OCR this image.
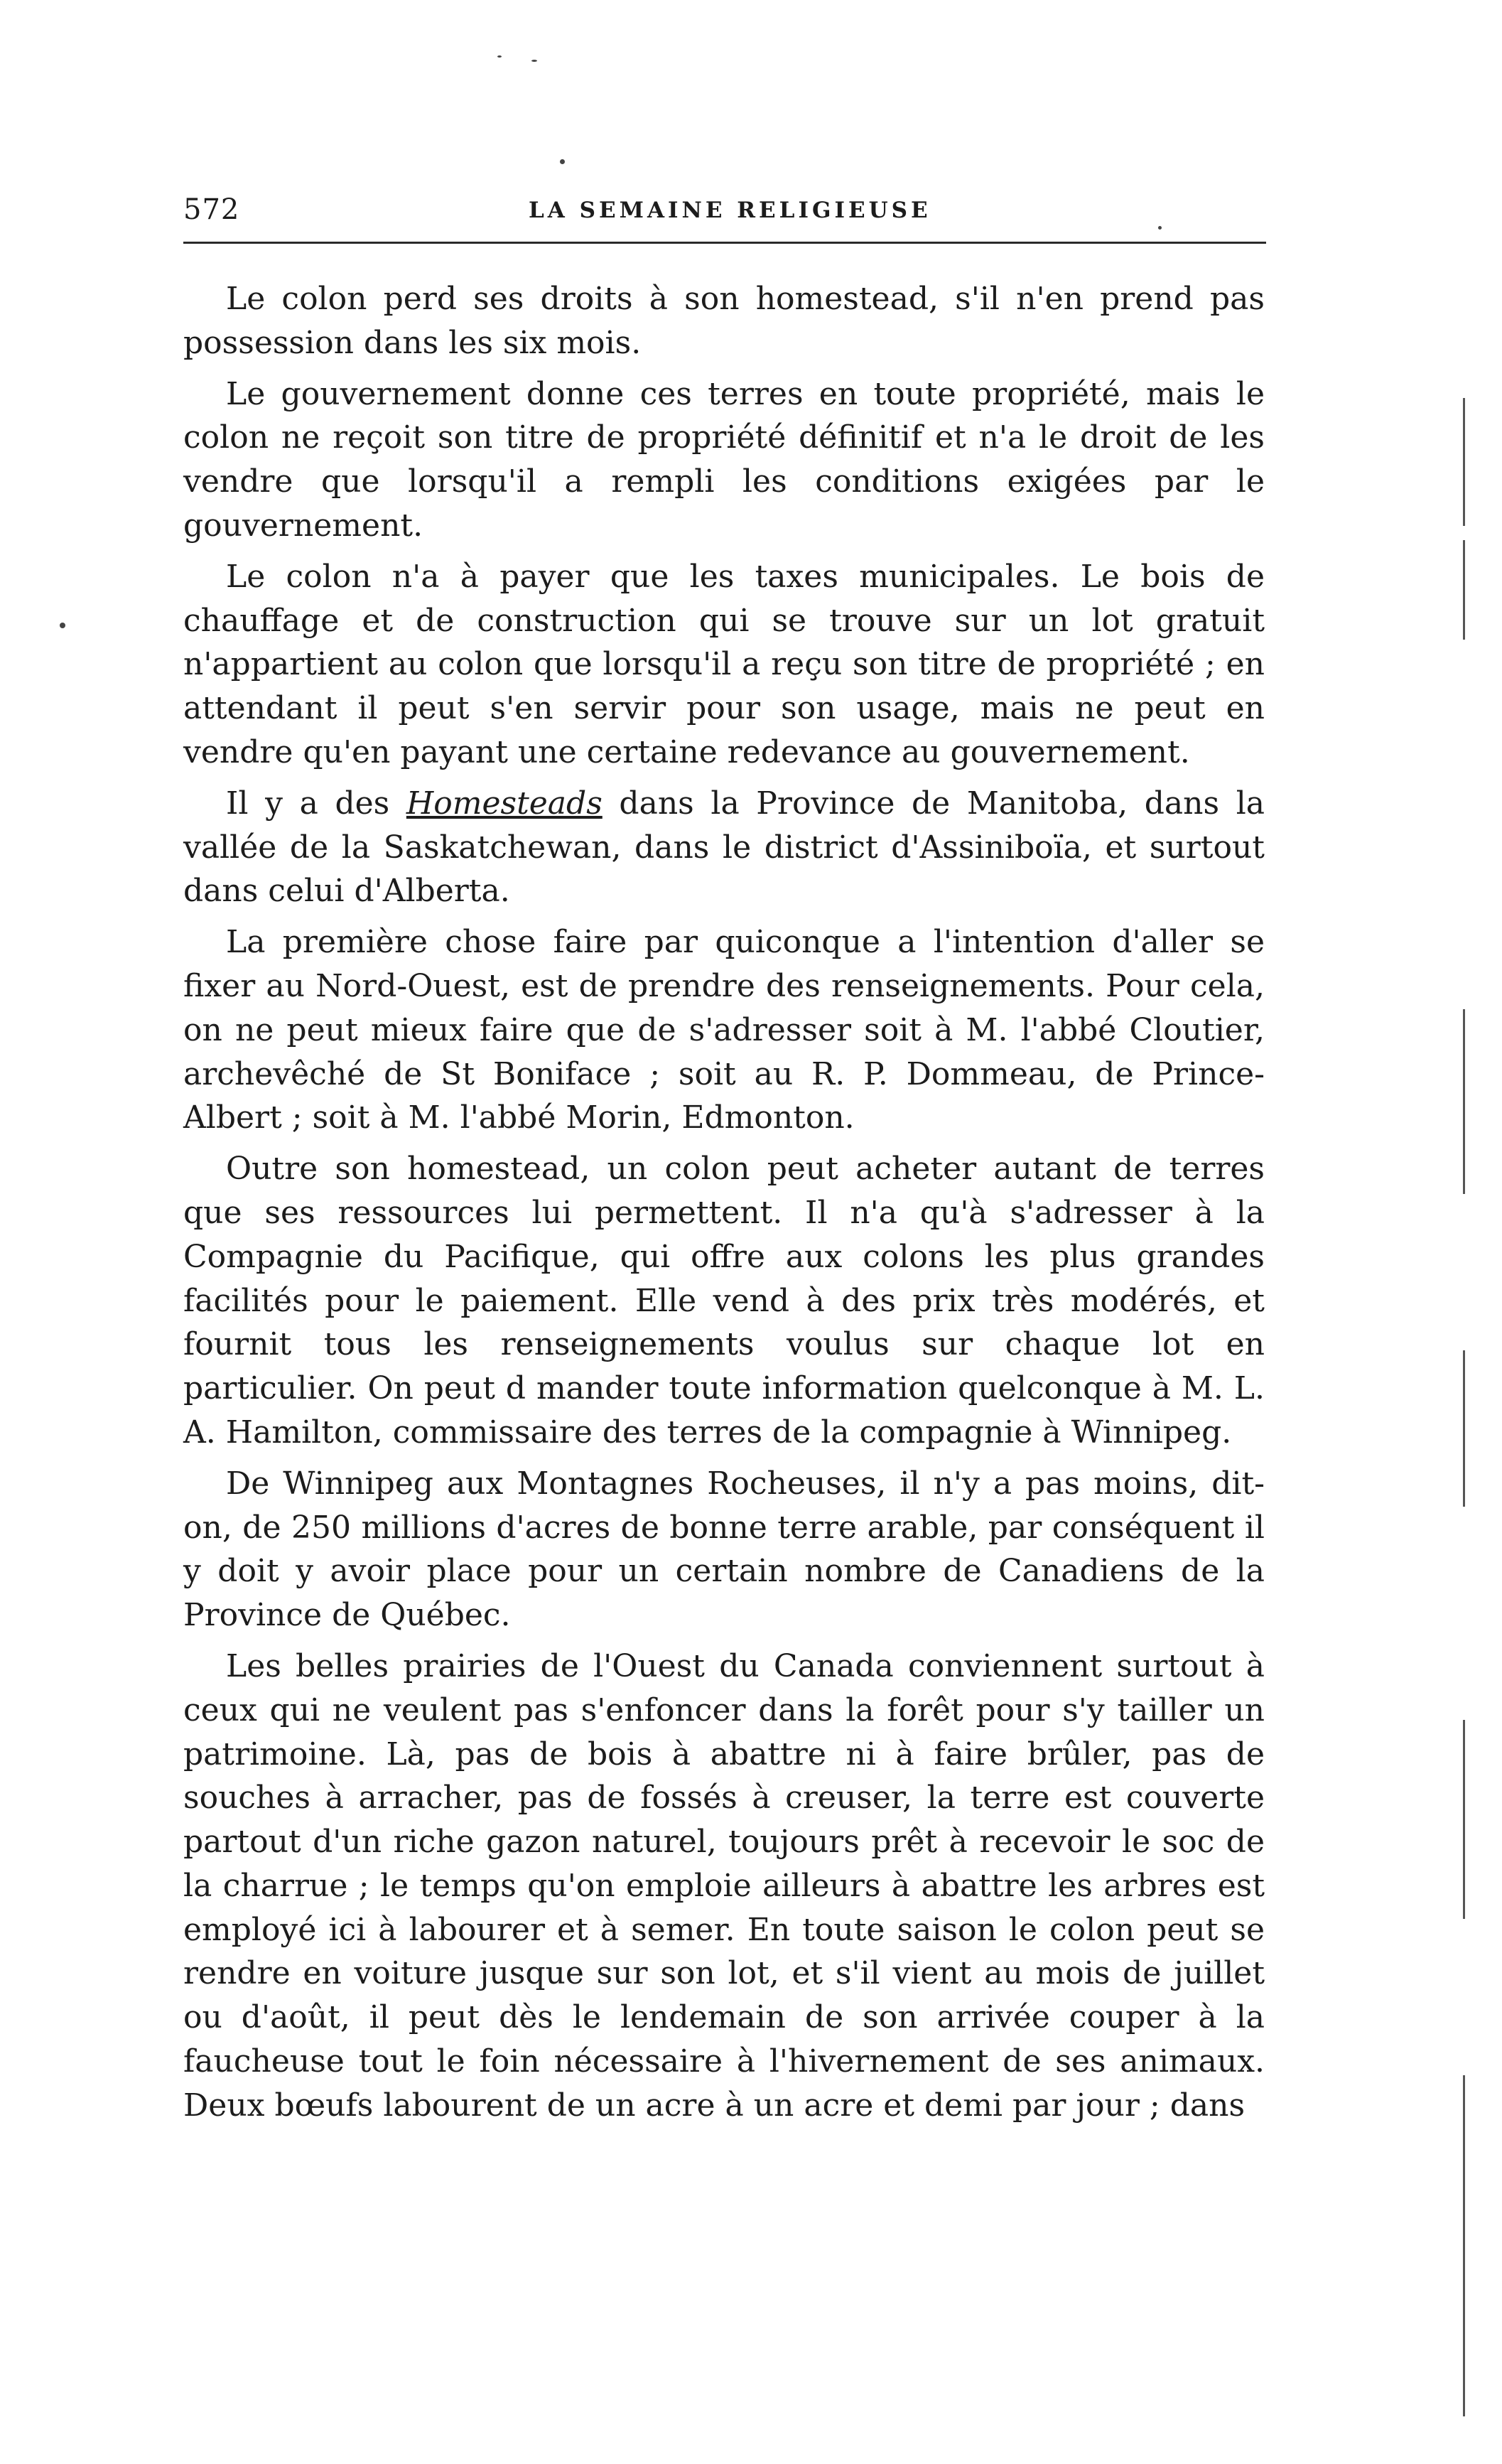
572	LA SEMAINE RELIGIEUSE

Le colon perd ses droits à son homestead, s'il n'en prend pas possession dans les six mois.

Le gouvernement donne ces terres en toute propriété, mais le colon ne reçoit son titre de propriété définitif et n'a le droit de les vendre que lorsqu'il a rempli les conditions exigées par le gouvernement.

Le colon n'a à payer que les taxes municipales. Le bois de chauffage et de construction qui se trouve sur un lot gratuit n'appartient au colon que lorsqu'il a reçu son titre de propriété ; en attendant il peut s'en servir pour son usage, mais ne peut en vendre qu'en payant une certaine redevance au gouvernement.

Il y a des Homesteads dans la Province de Manitoba, dans la vallée de la Saskatchewan, dans le district d'Assiniboïa, et surtout dans celui d'Alberta.

La première chose faire par quiconque a l'intention d'aller se fixer au Nord-Ouest, est de prendre des renseignements. Pour cela, on ne peut mieux faire que de s'adresser soit à M. l'abbé Cloutier, archevêché de St Boniface ; soit au R. P. Dommeau, de Prince-Albert ; soit à M. l'abbé Morin, Edmonton.

Outre son homestead, un colon peut acheter autant de terres que ses ressources lui permettent. Il n'a qu'à s'adresser à la Compagnie du Pacifique, qui offre aux colons les plus grandes facilités pour le paiement. Elle vend à des prix très modérés, et fournit tous les renseignements voulus sur chaque lot en particulier. On peut d mander toute information quelconque à M. L. A. Hamilton, commissaire des terres de la compagnie à Winnipeg.

De Winnipeg aux Montagnes Rocheuses, il n'y a pas moins, dit-on, de 250 millions d'acres de bonne terre arable, par conséquent il y doit y avoir place pour un certain nombre de Canadiens de la Province de Québec.

Les belles prairies de l'Ouest du Canada conviennent surtout à ceux qui ne veulent pas s'enfoncer dans la forêt pour s'y tailler un patrimoine. Là, pas de bois à abattre ni à faire brûler, pas de souches à arracher, pas de fossés à creuser, la terre est couverte partout d'un riche gazon naturel, toujours prêt à recevoir le soc de la charrue ; le temps qu'on emploie ailleurs à abattre les arbres est employé ici à labourer et à semer. En toute saison le colon peut se rendre en voiture jusque sur son lot, et s'il vient au mois de juillet ou d'août, il peut dès le lendemain de son arrivée couper à la faucheuse tout le foin nécessaire à l'hivernement de ses animaux. Deux bœufs labourent de un acre à un acre et demi par jour ; dans
